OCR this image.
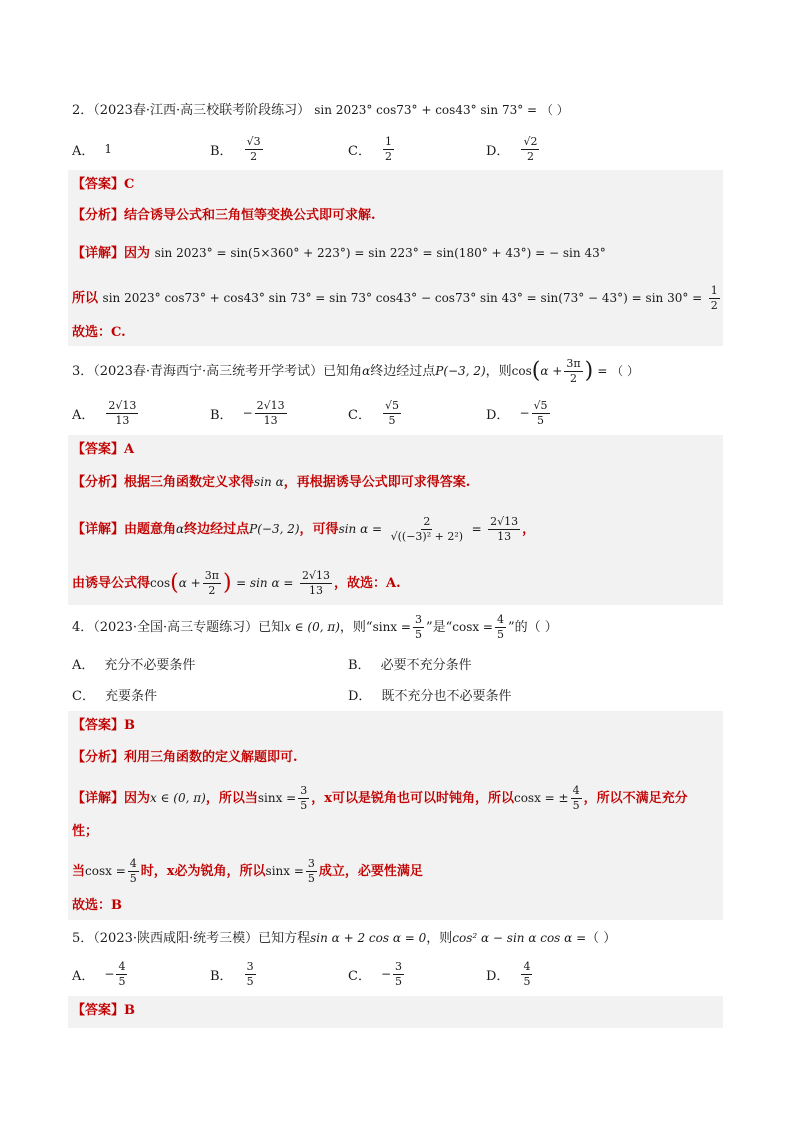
2．（2023春·江西·高三校联考阶段练习） sin 2023° cos73° + cos43° sin 73° = （ ）
A． 1	B． $\frac{√3}{2}$	C． $\frac{1}{2}$	D． $\frac{√2}{2}$
【答案】C
【分析】结合诱导公式和三角恒等变换公式即可求解.
【详解】因为 sin 2023° = sin(5×360° + 223°) = sin 223° = sin(180° + 43°) = − sin 43°
所以 sin 2023° cos73° + cos43° sin 73° = sin 73° cos43° − cos73° $\sin 43^\circ = \sin(73^\circ - 43^\circ) = \sin 30^\circ = \frac{1}{2}$
故选：C.
3．（2023春·青海西宁·高三统考开学考试）已知角α终边经过点P(−3, 2)，则$\cos(\alpha + \frac{3\pi}{2}$ ) = （ ）
A． $\frac{2√13}{13}$	B． − $\frac{2√13}{13}$	C． $\frac{√5}{5}$	D． − $\frac{√5}{5}$
【答案】A
【分析】根据三角函数定义求得sin α，再根据诱导公式即可求得答案.
【详解】由题意角α终边经过点P(−3, 2)，可得$\sin \alpha = \frac{2}{\text{√((−3)² + 2²)}} = \frac{2√13}{13}$ ，
由诱导公式得$\cos(\alpha + \frac{3\pi}{2}$ ) = $\sin \alpha = \frac{2√13}{13}$ ，故选：A.
4．（2023·全国·高三专题练习）已知x ∈ (0, π)，则“$\sin x = \frac{3}{5}$ ”是“$\cos x = \frac{4}{5}$ ”的（ ）
A． 充分不必要条件	B． 必要不充分条件
C． 充要条件	D． 既不充分也不必要条件
【答案】B
【分析】利用三角函数的定义解题即可.
【详解】因为x ∈ (0, π)，所以当$\sin x = \frac{3}{5}$ ，x可以是锐角也可以时钝角，所以cosx = ± $\frac{4}{5}$ ，所以不满足充分
性；
当$\cos x = \frac{4}{5}$ 时，x必为锐角，所以$\sin x = \frac{3}{5}$ 成立，必要性满足
故选：B
5．（2023·陕西咸阳·统考三模）已知方程sin α + 2 cos α = 0，则cos² α − sin α cos α =（ ）
A． − $\frac{4}{5}$	B． $\frac{3}{5}$	C． − $\frac{3}{5}$	D． $\frac{4}{5}$
【答案】B
